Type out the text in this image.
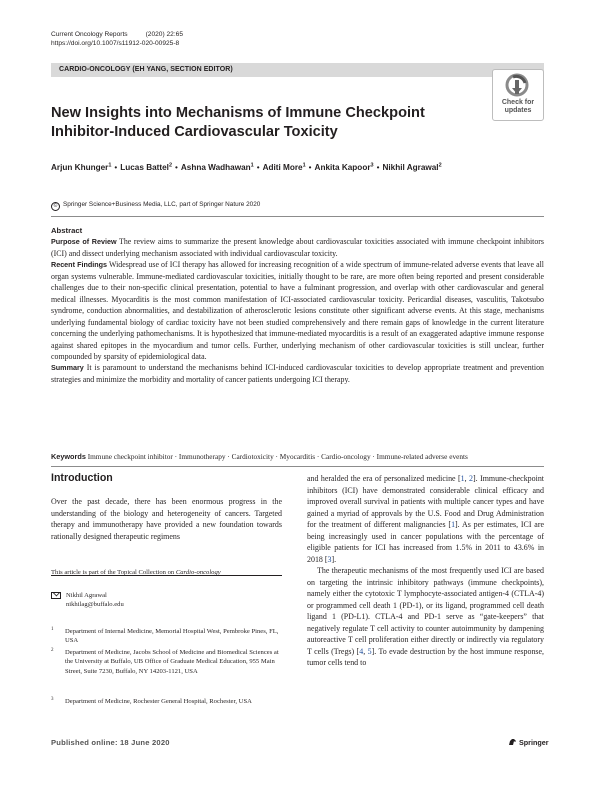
Current Oncology Reports	(2020) 22:65
https://doi.org/10.1007/s11912-020-00925-8
CARDIO-ONCOLOGY (EH YANG, SECTION EDITOR)
Check for
updates
New Insights into Mechanisms of Immune Checkpoint Inhibitor-Induced Cardiovascular Toxicity
Arjun Khunger$^1$ • Lucas Battel$^2$ • Ashna Wadhawan$^1$ • Aditi More$^1$ • Ankita Kapoor$^3$ • Nikhil Agrawal$^2$
© Springer Science+Business Media, LLC, part of Springer Nature 2020

Abstract

Purpose of Review The review aims to summarize the present knowledge about cardiovascular toxicities associated with immune checkpoint inhibitors (ICI) and dissect underlying mechanism associated with individual cardiovascular toxicity.

Recent Findings Widespread use of ICI therapy has allowed for increasing recognition of a wide spectrum of immune-related adverse events that leave all organ systems vulnerable. Immune-mediated cardiovascular toxicities, initially thought to be rare, are more often being reported and present considerable challenges due to their non-specific clinical presentation, potential to have a fulminant progression, and overlap with other cardiovascular and general medical illnesses. Myocarditis is the most common manifestation of ICI-associated cardiovascular toxicity. Pericardial diseases, vasculitis, Takotsubo syndrome, conduction abnormalities, and destabilization of atherosclerotic lesions constitute other significant adverse events. At this stage, mechanisms underlying fundamental biology of cardiac toxicity have not been studied comprehensively and there remain gaps of knowledge in the current literature concerning the underlying pathomechanisms. It is hypothesized that immune-mediated myocarditis is a result of an exaggerated adaptive immune response against shared epitopes in the myocardium and tumor cells. Further, underlying mechanism of other cardiovascular toxicities is still unclear, further compounded by sparsity of epidemiological data.

Summary It is paramount to understand the mechanisms behind ICI-induced cardiovascular toxicities to develop appropriate treatment and prevention strategies and minimize the morbidity and mortality of cancer patients undergoing ICI therapy.

Keywords Immune checkpoint inhibitor · Immunotherapy · Cardiotoxicity · Myocarditis · Cardio-oncology · Immune-related adverse events
Introduction

Over the past decade, there has been enormous progress in the understanding of the biology and heterogeneity of cancers. Targeted therapy and immunotherapy have provided a new foundation towards rationally designed therapeutic regimens

This article is part of the Topical Collection on Cardio-oncology
Nikhil Agrawal
nikhilag@buffalo.edu
1 Department of Internal Medicine, Memorial Hospital West, Pembroke Pines, FL, USA
2 Department of Medicine, Jacobs School of Medicine and Biomedical Sciences at the University at Buffalo, UB Office of Graduate Medical Education, 955 Main Street, Suite 7230, Buffalo, NY 14203-1121, USA
3 Department of Medicine, Rochester General Hospital, Rochester, USA

and heralded the era of personalized medicine [1, 2]. Immune-checkpoint inhibitors (ICI) have demonstrated considerable clinical efficacy and improved overall survival in patients with multiple cancer types and have gained a myriad of approvals by the U.S. Food and Drug Administration for the treatment of different malignancies [1]. As per estimates, ICI are being increasingly used in cancer populations with the percentage of eligible patients for ICI has increased from 1.5% in 2011 to 43.6% in 2018 [3].

The therapeutic mechanisms of the most frequently used ICI are based on targeting the intrinsic inhibitory pathways (immune checkpoints), namely either the cytotoxic T lymphocyte-associated antigen-4 (CTLA-4) or programmed cell death 1 (PD-1), or its ligand, programmed cell death ligand 1 (PD-L1). CTLA-4 and PD-1 serve as “gate-keepers” that negatively regulate T cell activity to counter autoimmunity by dampening autoreactive T cell proliferation either directly or indirectly via regulatory T cells (Tregs) [4, 5]. To evade destruction by the host immune response, tumor cells tend to

Published online: 18 June 2020	Springer
